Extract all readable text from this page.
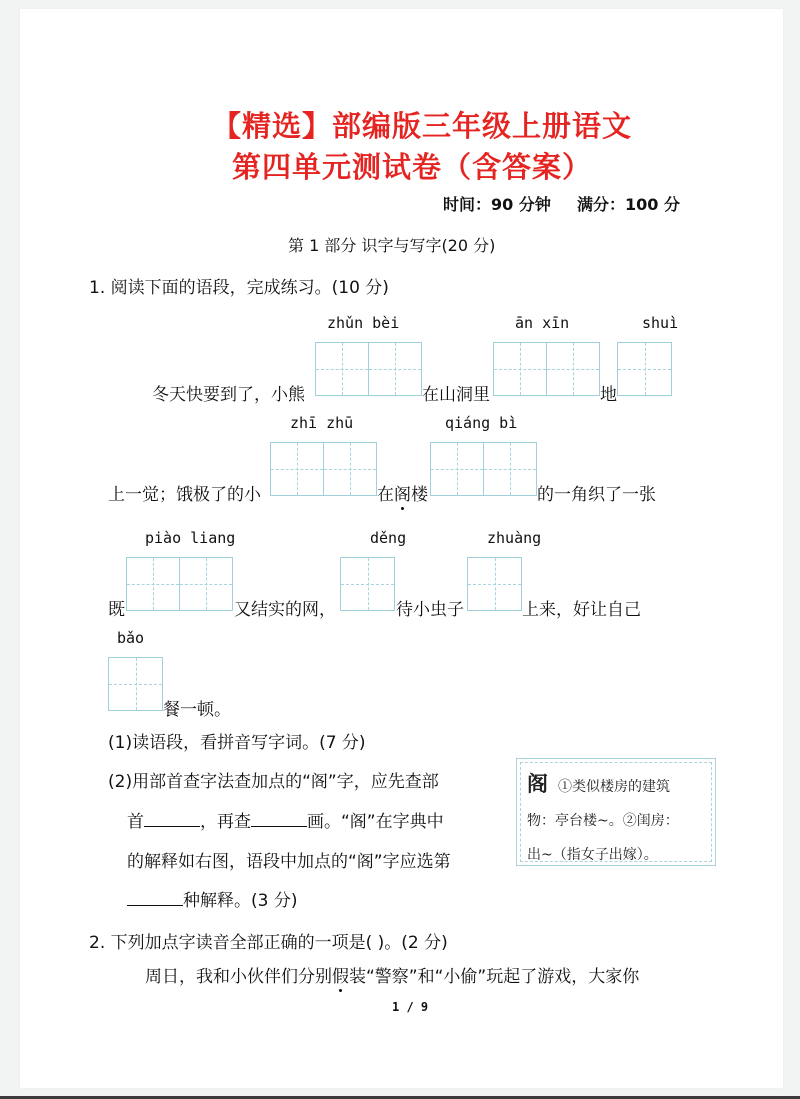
【精选】部编版三年级上册语文
第四单元测试卷（含答案）
时间：90 分钟 满分：100 分
第 1 部分 识字与写字(20 分)
1. 阅读下面的语段，完成练习。(10 分)
zhǔn bèi	ān xīn	shuì
冬天快要到了，小熊	在山洞里	地
zhī zhū	qiáng bì
上一觉；饿极了的小	在阁楼	的一角织了一张
piào liang	děng	zhuàng
既	又结实的网，	待小虫子	上来，好让自己
bǎo
餐一顿。
(1)读语段，看拼音写字词。(7 分)
(2)用部首查字法查加点的“阁”字，应先查部
首	，再查	画。“阁”在字典中
的解释如右图，语段中加点的“阁”字应选第
种解释。(3 分)
阁 ①类似楼房的建筑
物：亭台楼~。②闺房：
出~（指女子出嫁）。
2. 下列加点字读音全部正确的一项是( )。(2 分)
周日，我和小伙伴们分别假装“警察”和“小偷”玩起了游戏，大家你
1 / 9
